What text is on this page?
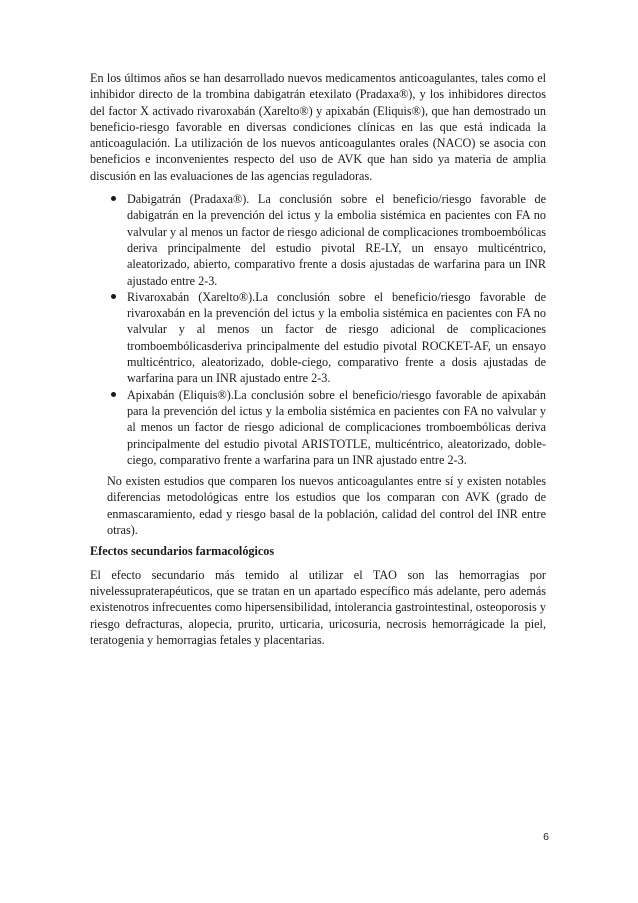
En los últimos años se han desarrollado nuevos medicamentos anticoagulantes, tales como el inhibidor directo de la trombina dabigatrán etexilato (Pradaxa®), y los inhibidores directos del factor X activado rivaroxabán (Xarelto®) y apixabán (Eliquis®), que han demostrado un beneficio-riesgo favorable en diversas condiciones clínicas en las que está indicada la anticoagulación. La utilización de los nuevos anticoagulantes orales (NACO) se asocia con beneficios e inconvenientes respecto del uso de AVK que han sido ya materia de amplia discusión en las evaluaciones de las agencias reguladoras.

Dabigatrán (Pradaxa®). La conclusión sobre el beneficio/riesgo favorable de dabigatrán en la prevención del ictus y la embolia sistémica en pacientes con FA no valvular y al menos un factor de riesgo adicional de complicaciones tromboembólicas deriva principalmente del estudio pivotal RE-LY, un ensayo multicéntrico, aleatorizado, abierto, comparativo frente a dosis ajustadas de warfarina para un INR ajustado entre 2-3.
Rivaroxabán (Xarelto®).La conclusión sobre el beneficio/riesgo favorable de rivaroxabán en la prevención del ictus y la embolia sistémica en pacientes con FA no valvular y al menos un factor de riesgo adicional de complicaciones tromboembólicasderiva principalmente del estudio pivotal ROCKET-AF, un ensayo multicéntrico, aleatorizado, doble-ciego, comparativo frente a dosis ajustadas de warfarina para un INR ajustado entre 2-3.
Apixabán (Eliquis®).La conclusión sobre el beneficio/riesgo favorable de apixabán para la prevención del ictus y la embolia sistémica en pacientes con FA no valvular y al menos un factor de riesgo adicional de complicaciones tromboembólicas deriva principalmente del estudio pivotal ARISTOTLE, multicéntrico, aleatorizado, doble-ciego, comparativo frente a warfarina para un INR ajustado entre 2-3.

No existen estudios que comparen los nuevos anticoagulantes entre sí y existen notables diferencias metodológicas entre los estudios que los comparan con AVK (grado de enmascaramiento, edad y riesgo basal de la población, calidad del control del INR entre otras).

Efectos secundarios farmacológicos

El efecto secundario más temido al utilizar el TAO son las hemorragias por nivelessupraterapéuticos, que se tratan en un apartado específico más adelante, pero además existenotros infrecuentes como hipersensibilidad, intolerancia gastrointestinal, osteoporosis y riesgo defracturas, alopecia, prurito, urticaria, uricosuria, necrosis hemorrágicade la piel, teratogenia y hemorragias fetales y placentarias.

6
